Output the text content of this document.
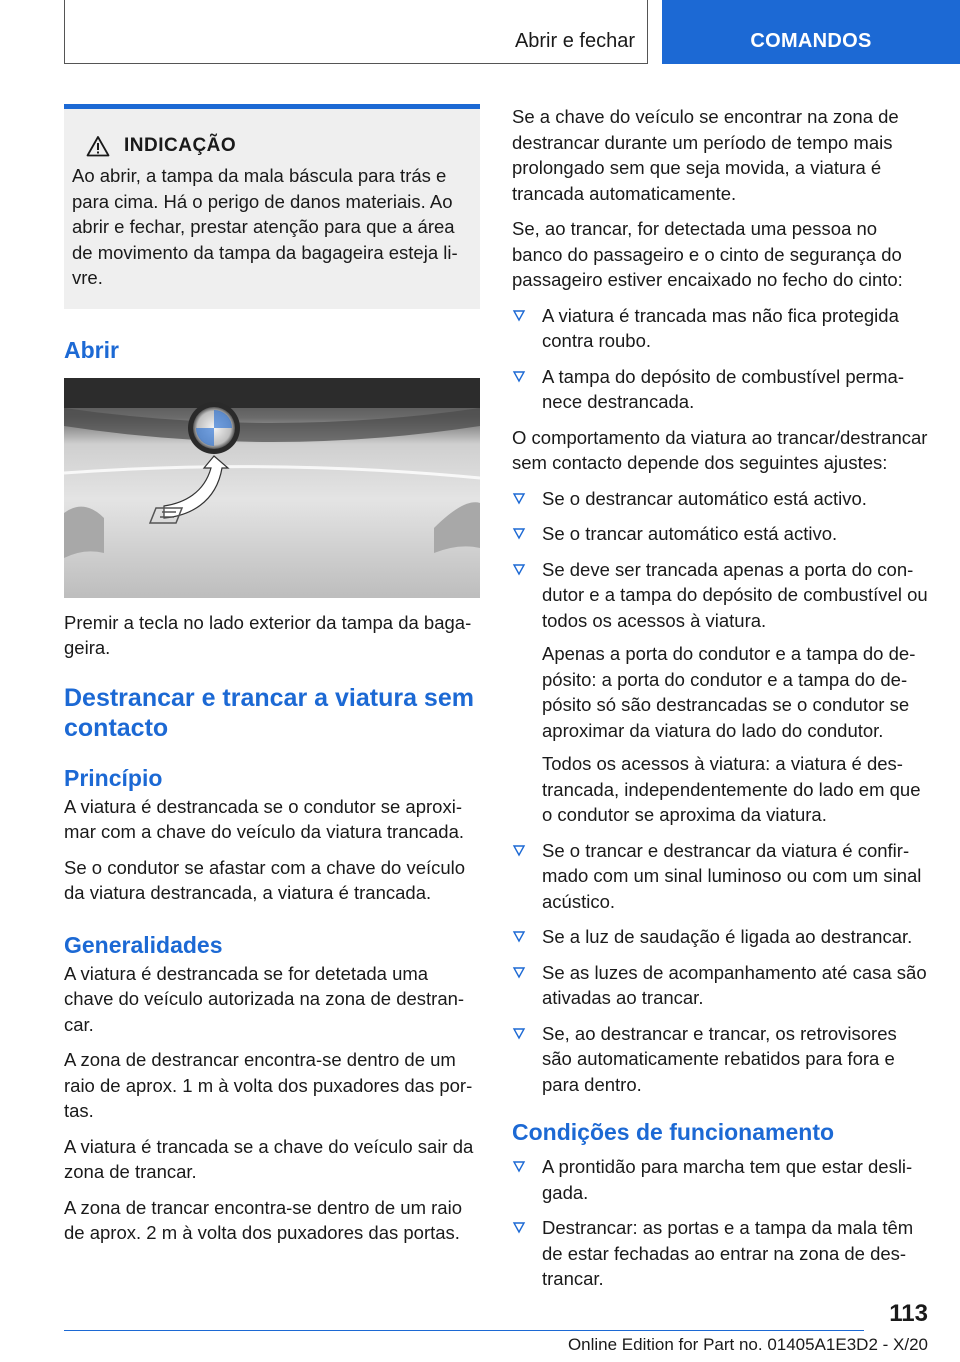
Abrir e fechar	COMANDOS
INDICAÇÃO

Ao abrir, a tampa da mala báscula para trás e para cima. Há o perigo de danos materiais. Ao abrir e fechar, prestar atenção para que a área de movimento da tampa da bagageira esteja livre.

Abrir

Premir a tecla no lado exterior da tampa da bagageira.

Destrancar e trancar a viatura sem contacto
Princípio

A viatura é destrancada se o condutor se aproximar com a chave do veículo da viatura trancada.

Se o condutor se afastar com a chave do veículo da viatura destrancada, a viatura é trancada.

Generalidades

A viatura é destrancada se for detetada uma chave do veículo autorizada na zona de destrancar.

A zona de destrancar encontra-se dentro de um raio de aprox. 1 m à volta dos puxadores das portas.

A viatura é trancada se a chave do veículo sair da zona de trancar.

A zona de trancar encontra-se dentro de um raio de aprox. 2 m à volta dos puxadores das portas.

Se a chave do veículo se encontrar na zona de destrancar durante um período de tempo mais prolongado sem que seja movida, a viatura é trancada automaticamente.

Se, ao trancar, for detectada uma pessoa no banco do passageiro e o cinto de segurança do passageiro estiver encaixado no fecho do cinto:

A viatura é trancada mas não fica protegida contra roubo.
A tampa do depósito de combustível permanece destrancada.

O comportamento da viatura ao trancar/destrancar sem contacto depende dos seguintes ajustes:

Se o destrancar automático está activo.
Se o trancar automático está activo.
Se deve ser trancada apenas a porta do condutor e a tampa do depósito de combustível ou todos os acessos à viatura.

Apenas a porta do condutor e a tampa do depósito: a porta do condutor e a tampa do depósito só são destrancadas se o condutor se aproximar da viatura do lado do condutor.

Todos os acessos à viatura: a viatura é destrancada, independentemente do lado em que o condutor se aproxima da viatura.

Se o trancar e destrancar da viatura é confirmado com um sinal luminoso ou com um sinal acústico.
Se a luz de saudação é ligada ao destrancar.
Se as luzes de acompanhamento até casa são ativadas ao trancar.
Se, ao destrancar e trancar, os retrovisores são automaticamente rebatidos para fora e para dentro.
Condições de funcionamento
A prontidão para marcha tem que estar desligada.
Destrancar: as portas e a tampa da mala têm de estar fechadas ao entrar na zona de destrancar.
113
Online Edition for Part no. 01405A1E3D2 - X/20
